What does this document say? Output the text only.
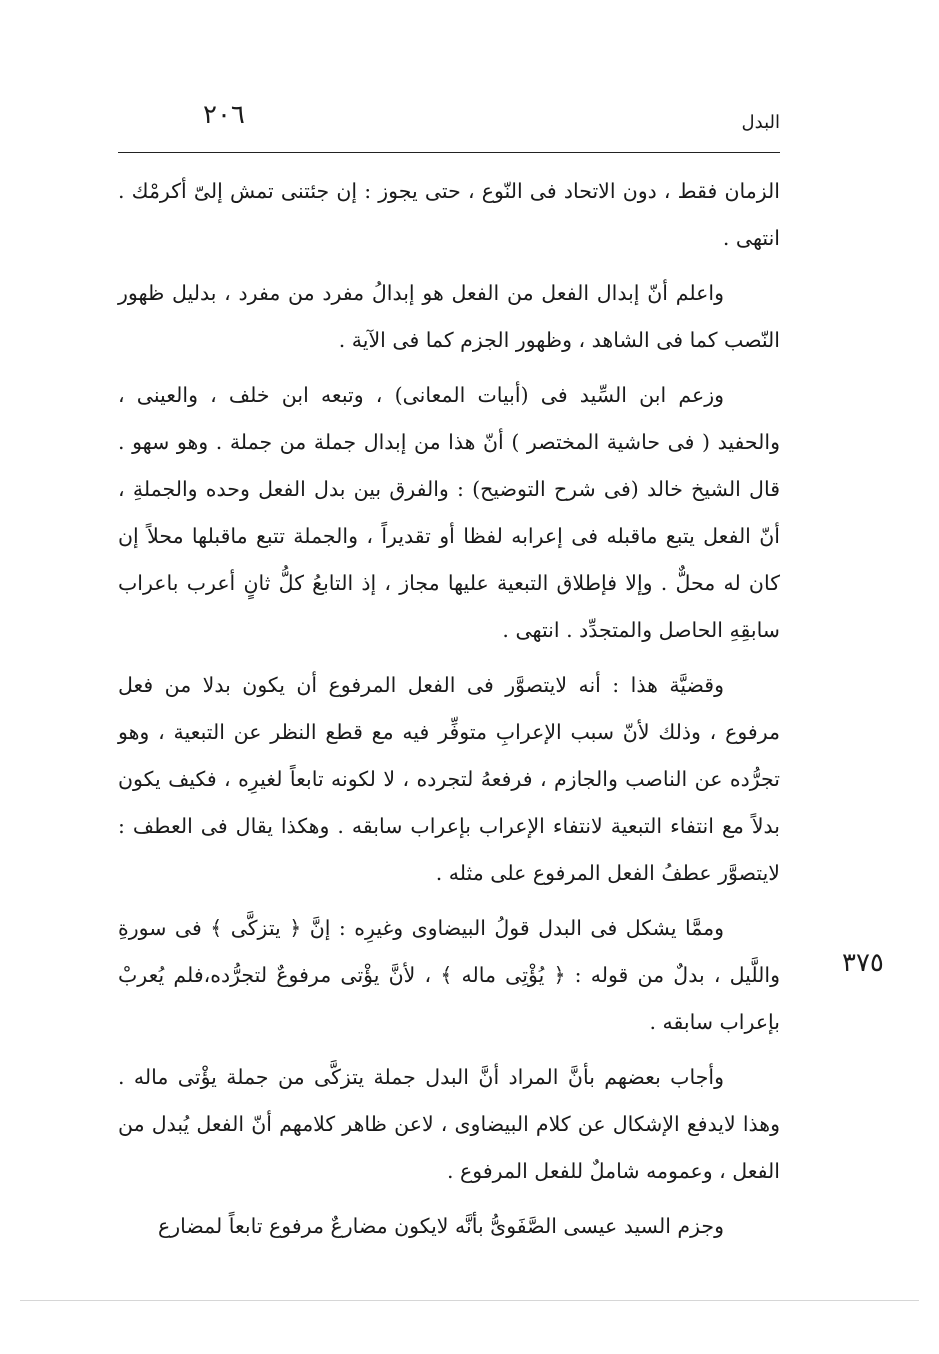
٢٠٦	البدل

الزمان فقط ، دون الاتحاد فى النّوع ، حتى يجوز : إن جئتنى تمش إلىّ أكرمْك . انتهى .

واعلم أنّ إبدال الفعل من الفعل هو إبدالُ مفرد من مفرد ، بدليل ظهور النّصب كما فى الشاهد ، وظهور الجزم كما فى الآية .

وزعم ابن السِّيد فى (أبيات المعانى) ، وتبعه ابن خلف ، والعينى ، والحفيد ( فى حاشية المختصر ) أنّ هذا من إبدال جملة من جملة . وهو سهو . قال الشيخ خالد (فى شرح التوضيح) : والفرق بين بدل الفعل وحده والجملةِ ، أنّ الفعل يتبع ماقبله فى إعرابه لفظا أو تقديراً ، والجملة تتبع ماقبلها محلاً إن كان له محلٌّ . وإلا فإطلاق التبعية عليها مجاز ، إذ التابعُ كلُّ ثانٍ أعرب باعراب سابقِهِ الحاصل والمتجدِّد . انتهى .

وقضيَّة هذا : أنه لايتصوَّر فى الفعل المرفوع أن يكون بدلا من فعل مرفوع ، وذلك لأنّ سبب الإعرابِ متوفِّر فيه مع قطع النظر عن التبعية ، وهو تجرُّده عن الناصب والجازم ، فرفعهُ لتجرده ، لا لكونه تابعاً لغيرِه ، فكيف يكون بدلاً مع انتفاء التبعية لانتفاء الإعراب بإعراب سابقه . وهكذا يقال فى العطف : لايتصوَّر عطفُ الفعل المرفوع على مثله .

وممَّا يشكل فى البدل قولُ البيضاوى وغيرِه : إنَّ ﴿ يتزكَّى ﴾ فى سورةِ واللَّيل ، بدلٌ من قوله : ﴿ يُؤْتِى ماله ﴾ ، لأنَّ يؤْتى مرفوعٌ لتجرُّده،فلم يُعربْ بإعراب سابقه .

وأجاب بعضهم بأنَّ المراد أنَّ البدل جملة يتزكَّى من جملة يؤْتى ماله . وهذا لايدفع الإشكال عن كلام البيضاوى ، لاعن ظاهر كلامهم أنّ الفعل يُبدل من الفعل ، وعمومه شاملٌ للفعل المرفوع .

وجزم السيد عيسى الصَّفَوىُّ بأنَّه لايكون مضارعٌ مرفوع تابعاً لمضارع

٣٧٥
